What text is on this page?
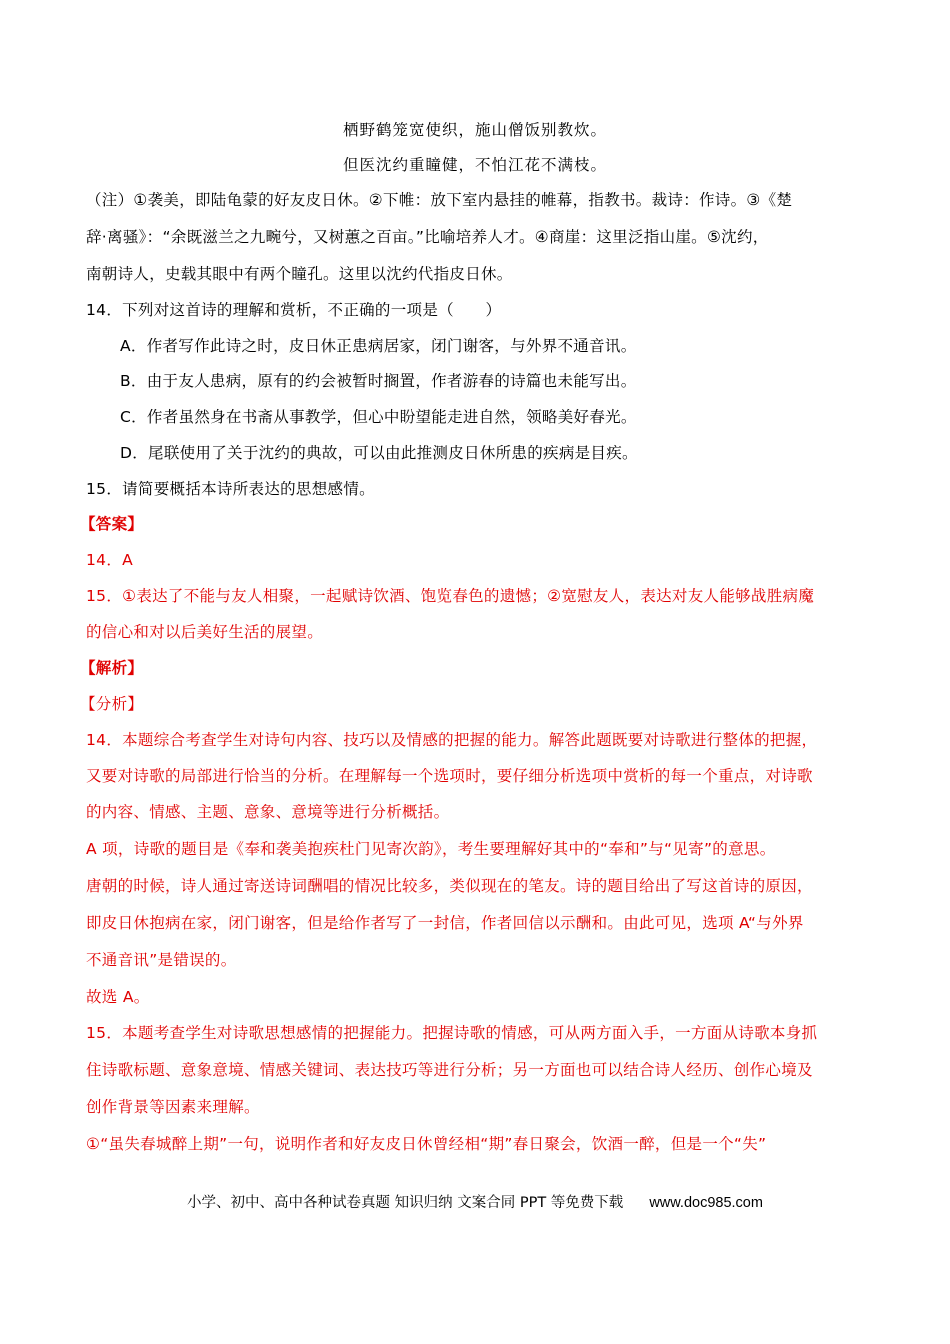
栖野鹤笼宽使织，施山僧饭别教炊。
但医沈约重瞳健，不怕江花不满枝。
（注）①袭美，即陆龟蒙的好友皮日休。②下帷：放下室内悬挂的帷幕，指教书。裁诗：作诗。③《楚
辞·离骚》：“余既滋兰之九畹兮，又树蕙之百亩。”比喻培养人才。④商崖：这里泛指山崖。⑤沈约，
南朝诗人，史载其眼中有两个瞳孔。这里以沈约代指皮日休。
14．下列对这首诗的理解和赏析，不正确的一项是（　　）
A．作者写作此诗之时，皮日休正患病居家，闭门谢客，与外界不通音讯。
B．由于友人患病，原有的约会被暂时搁置，作者游春的诗篇也未能写出。
C．作者虽然身在书斋从事教学，但心中盼望能走进自然，领略美好春光。
D．尾联使用了关于沈约的典故，可以由此推测皮日休所患的疾病是目疾。
15．请简要概括本诗所表达的思想感情。
【答案】
14．A
15．①表达了不能与友人相聚，一起赋诗饮酒、饱览春色的遗憾；②宽慰友人，表达对友人能够战胜病魔
的信心和对以后美好生活的展望。
【解析】
【分析】
14．本题综合考查学生对诗句内容、技巧以及情感的把握的能力。解答此题既要对诗歌进行整体的把握，
又要对诗歌的局部进行恰当的分析。在理解每一个选项时，要仔细分析选项中赏析的每一个重点，对诗歌
的内容、情感、主题、意象、意境等进行分析概括。
A 项，诗歌的题目是《奉和袭美抱疾杜门见寄次韵》，考生要理解好其中的“奉和”与“见寄”的意思。
唐朝的时候，诗人通过寄送诗词酬唱的情况比较多，类似现在的笔友。诗的题目给出了写这首诗的原因，
即皮日休抱病在家，闭门谢客，但是给作者写了一封信，作者回信以示酬和。由此可见，选项 A“与外界
不通音讯”是错误的。
故选 A。
15．本题考查学生对诗歌思想感情的把握能力。把握诗歌的情感，可从两方面入手，一方面从诗歌本身抓
住诗歌标题、意象意境、情感关键词、表达技巧等进行分析；另一方面也可以结合诗人经历、创作心境及
创作背景等因素来理解。
①“虽失春城醉上期”一句，说明作者和好友皮日休曾经相“期”春日聚会，饮酒一醉，但是一个“失”
小学、初中、高中各种试卷真题 知识归纳 文案合同 PPT 等免费下载 www.doc985.com
